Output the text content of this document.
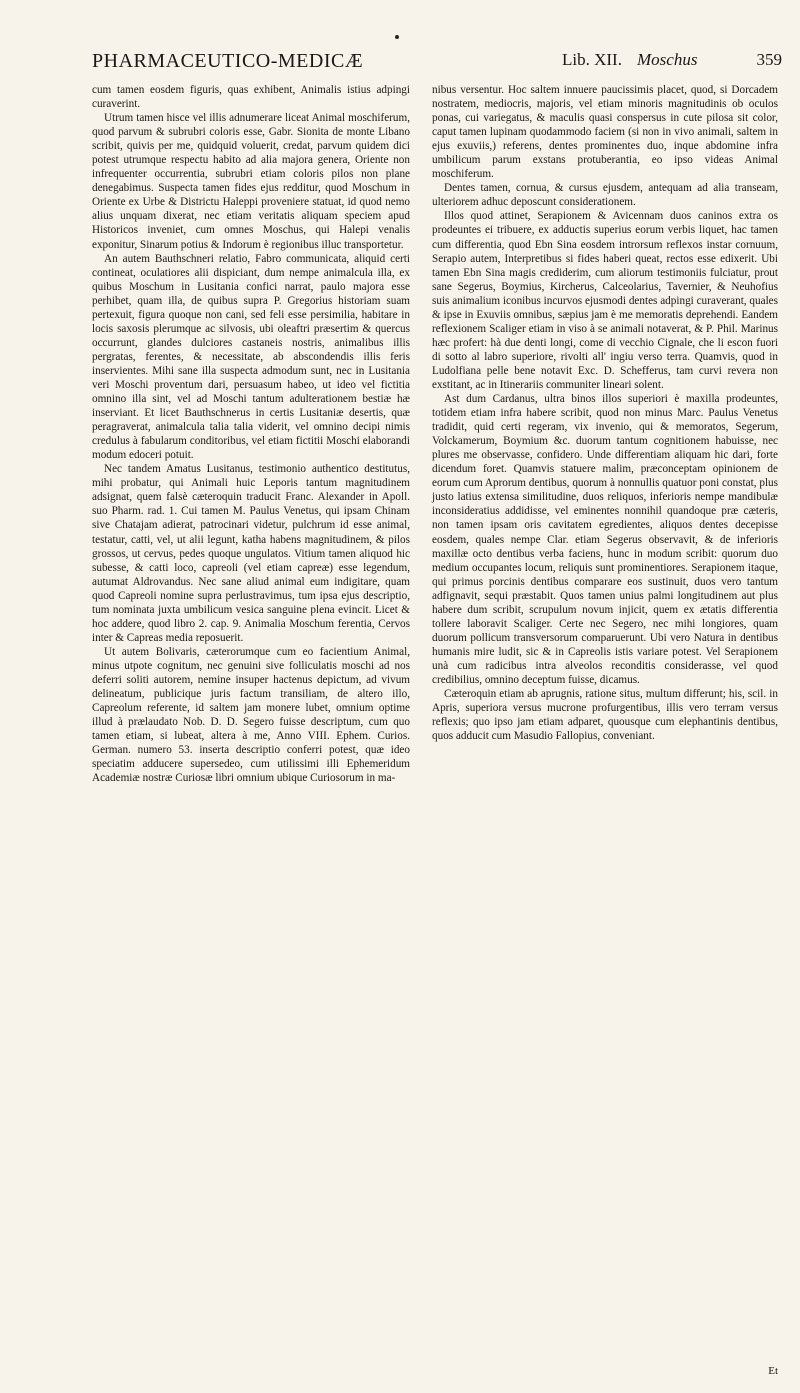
PHARMACEUTICO-MEDICÆ	Lib. XII. Moschus	359

cum tamen eosdem figuris, quas exhibent, Animalis istius adpingi curaverint.

Utrum tamen hisce vel illis adnumerare liceat Animal moschiferum, quod parvum & subrubri coloris esse, Gabr. Sionita de monte Libano scribit, quivis per me, quidquid voluerit, credat, parvum quidem dici potest utrumque respectu habito ad alia majora genera, Oriente non infrequenter occurrentia, subrubri etiam coloris pilos non plane denegabimus. Suspecta tamen fides ejus redditur, quod Moschum in Oriente ex Urbe & Districtu Haleppi proveniere statuat, id quod nemo alius unquam dixerat, nec etiam veritatis aliquam speciem apud Historicos inveniet, cum omnes Moschus, qui Halepi venalis exponitur, Sinarum potius & Indorum è regionibus illuc transportetur.

An autem Bauthschneri relatio, Fabro communicata, aliquid certi contineat, oculatiores alii dispiciant, dum nempe animalcula illa, ex quibus Moschum in Lusitania confici narrat, paulo majora esse perhibet, quam illa, de quibus supra P. Gregorius historiam suam pertexuit, figura quoque non cani, sed feli esse persimilia, habitare in locis saxosis plerumque ac silvosis, ubi oleaftri præsertim & quercus occurrunt, glandes dulciores castaneis nostris, animalibus illis pergratas, ferentes, & necessitate, ab abscondendis illis feris inservientes. Mihi sane illa suspecta admodum sunt, nec in Lusitania veri Moschi proventum dari, persuasum habeo, ut ideo vel fictitia omnino illa sint, vel ad Moschi tantum adulterationem bestiæ hæ inserviant. Et licet Bauthschnerus in certis Lusitaniæ desertis, quæ peragraverat, animalcula talia talia viderit, vel omnino decipi nimis credulus à fabularum conditoribus, vel etiam fictitii Moschi elaborandi modum edoceri potuit.

Nec tandem Amatus Lusitanus, testimonio authentico destitutus, mihi probatur, qui Animali huic Leporis tantum magnitudinem adsignat, quem falsè cæteroquin traducit Franc. Alexander in Apoll. suo Pharm. rad. 1. Cui tamen M. Paulus Venetus, qui ipsam Chinam sive Chatajam adierat, patrocinari videtur, pulchrum id esse animal, testatur, catti, vel, ut alii legunt, katha habens magnitudinem, & pilos grossos, ut cervus, pedes quoque ungulatos. Vitium tamen aliquod hic subesse, & catti loco, capreoli (vel etiam capreæ) esse legendum, autumat Aldrovandus. Nec sane aliud animal eum indigitare, quam quod Capreoli nomine supra perlustravimus, tum ipsa ejus descriptio, tum nominata juxta umbilicum vesica sanguine plena evincit. Licet & hoc addere, quod libro 2. cap. 9. Animalia Moschum ferentia, Cervos inter & Capreas media reposuerit.

Ut autem Bolivaris, cæterorumque cum eo facientium Animal, minus utpote cognitum, nec genuini sive folliculatis moschi ad nos deferri soliti autorem, nemine insuper hactenus depictum, ad vivum delineatum, publicique juris factum transiliam, de altero illo, Capreolum referente, id saltem jam monere lubet, omnium optime illud à prælaudato Nob. D. D. Segero fuisse descriptum, cum quo tamen etiam, si lubeat, altera à me, Anno VIII. Ephem. Curios. German. numero 53. inserta descriptio conferri potest, quæ ideo speciatim adducere supersedeo, cum utilissimi illi Ephemeridum Academiæ nostræ Curiosæ libri omnium ubique Curiosorum in ma-

nibus versentur. Hoc saltem innuere paucissimis placet, quod, si Dorcadem nostratem, mediocris, majoris, vel etiam minoris magnitudinis ob oculos ponas, cui variegatus, & maculis quasi conspersus in cute pilosa sit color, caput tamen lupinam quodammodo faciem (si non in vivo animali, saltem in ejus exuviis,) referens, dentes prominentes duo, inque abdomine infra umbilicum parum exstans protuberantia, eo ipso videas Animal moschiferum.

Dentes tamen, cornua, & cursus ejusdem, antequam ad alia transeam, ulteriorem adhuc deposcunt considerationem.

Illos quod attinet, Serapionem & Avicennam duos caninos extra os prodeuntes ei tribuere, ex adductis superius eorum verbis liquet, hac tamen cum differentia, quod Ebn Sina eosdem introrsum reflexos instar cornuum, Serapio autem, Interpretibus si fides haberi queat, rectos esse edixerit. Ubi tamen Ebn Sina magis crediderim, cum aliorum testimoniis fulciatur, prout sane Segerus, Boymius, Kircherus, Calceolarius, Tavernier, & Neuhofius suis animalium iconibus incurvos ejusmodi dentes adpingi curaverant, quales & ipse in Exuviis omnibus, sæpius jam è me memoratis deprehendi. Eandem reflexionem Scaliger etiam in viso à se animali notaverat, & P. Phil. Marinus hæc profert: hà due denti longi, come di vecchio Cignale, che li escon fuori di sotto al labro superiore, rivolti all' ingiu verso terra. Quamvis, quod in Ludolfiana pelle bene notavit Exc. D. Schefferus, tam curvi revera non exstitant, ac in Itinerariis communiter lineari solent.

Ast dum Cardanus, ultra binos illos superiori è maxilla prodeuntes, totidem etiam infra habere scribit, quod non minus Marc. Paulus Venetus tradidit, quid certi regeram, vix invenio, qui & memoratos, Segerum, Volckamerum, Boymium &c. duorum tantum cognitionem habuisse, nec plures me observasse, confidero. Unde differentiam aliquam hic dari, forte dicendum foret. Quamvis statuere malim, præconceptam opinionem de eorum cum Aprorum dentibus, quorum à nonnullis quatuor poni constat, plus justo latius extensa similitudine, duos reliquos, inferioris nempe mandibulæ inconsideratius addidisse, vel eminentes nonnihil quandoque præ cæteris, non tamen ipsam oris cavitatem egredientes, aliquos dentes decepisse eosdem, quales nempe Clar. etiam Segerus observavit, & de inferioris maxillæ octo dentibus verba faciens, hunc in modum scribit: quorum duo medium occupantes locum, reliquis sunt prominentiores. Serapionem itaque, qui primus porcinis dentibus comparare eos sustinuit, duos vero tantum adfignavit, sequi præstabit. Quos tamen unius palmi longitudinem aut plus habere dum scribit, scrupulum novum injicit, quem ex ætatis differentia tollere laboravit Scaliger. Certe nec Segero, nec mihi longiores, quam duorum pollicum transversorum comparuerunt. Ubi vero Natura in dentibus humanis mire ludit, sic & in Capreolis istis variare potest. Vel Serapionem unà cum radicibus intra alveolos reconditis considerasse, vel quod credibilius, omnino deceptum fuisse, dicamus.

Cæteroquin etiam ab aprugnis, ratione situs, multum differunt; his, scil. in Apris, superiora versus mucrone profurgentibus, illis vero terram versus reflexis; quo ipso jam etiam adparet, quousque cum elephantinis dentibus, quos adducit cum Masudio Fallopius, conveniant.

Et
